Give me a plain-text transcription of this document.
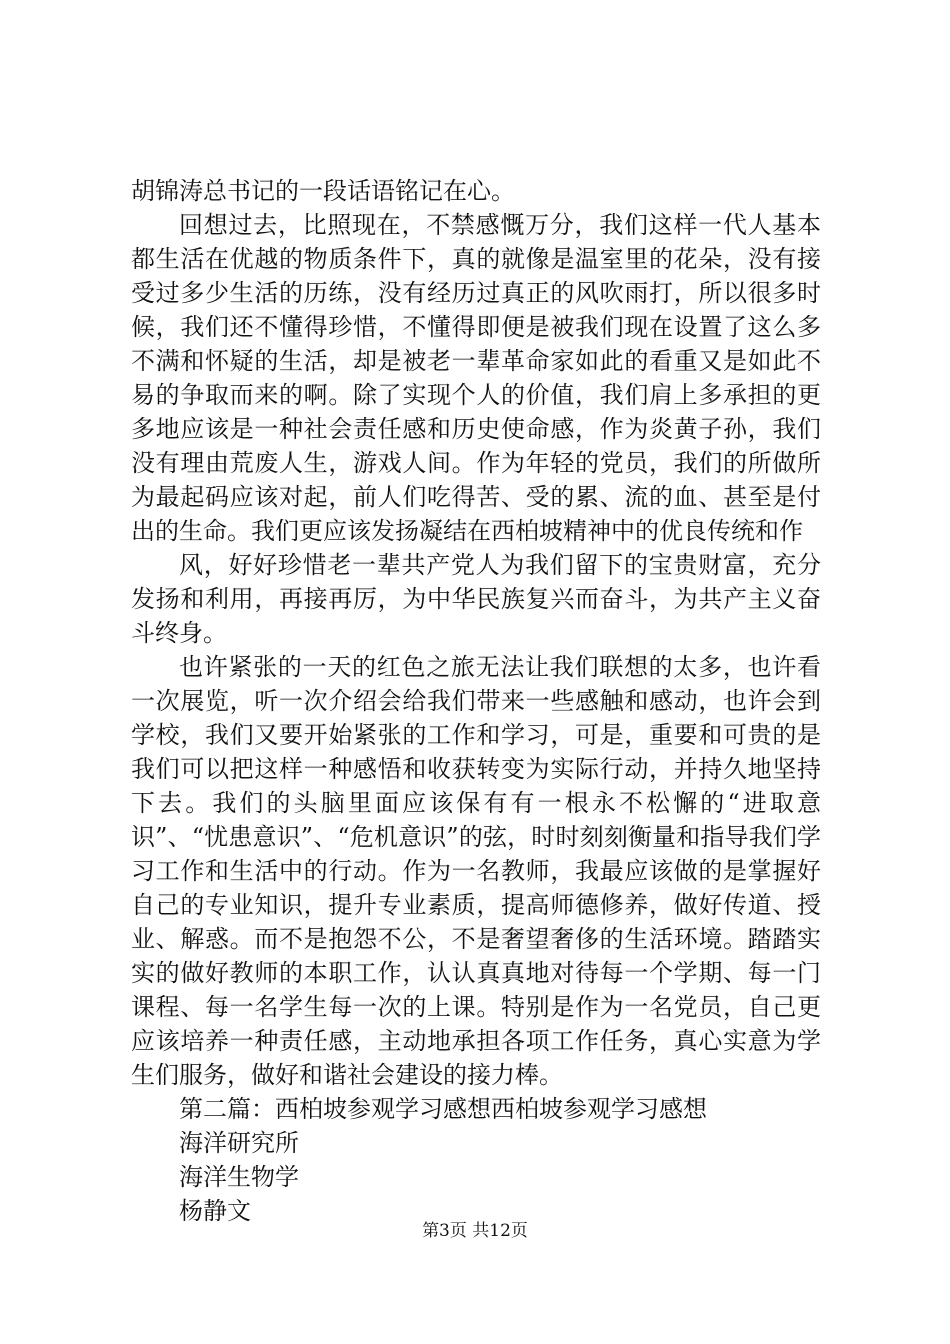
胡锦涛总书记的一段话语铭记在心。

回想过去，比照现在，不禁感慨万分，我们这样一代人基本都生活在优越的物质条件下，真的就像是温室里的花朵，没有接受过多少生活的历练，没有经历过真正的风吹雨打，所以很多时候，我们还不懂得珍惜，不懂得即便是被我们现在设置了这么多不满和怀疑的生活，却是被老一辈革命家如此的看重又是如此不易的争取而来的啊。除了实现个人的价值，我们肩上多承担的更多地应该是一种社会责任感和历史使命感，作为炎黄子孙，我们没有理由荒废人生，游戏人间。作为年轻的党员，我们的所做所为最起码应该对起，前人们吃得苦、受的累、流的血、甚至是付出的生命。我们更应该发扬凝结在西柏坡精神中的优良传统和作

风，好好珍惜老一辈共产党人为我们留下的宝贵财富，充分发扬和利用，再接再厉，为中华民族复兴而奋斗，为共产主义奋斗终身。

也许紧张的一天的红色之旅无法让我们联想的太多，也许看一次展览，听一次介绍会给我们带来一些感触和感动，也许会到学校，我们又要开始紧张的工作和学习，可是，重要和可贵的是我们可以把这样一种感悟和收获转变为实际行动，并持久地坚持下去。我们的头脑里面应该保有有一根永不松懈的“进取意识”、“忧患意识”、“危机意识”的弦，时时刻刻衡量和指导我们学习工作和生活中的行动。作为一名教师，我最应该做的是掌握好自己的专业知识，提升专业素质，提高师德修养，做好传道、授业、解惑。而不是抱怨不公，不是奢望奢侈的生活环境。踏踏实实的做好教师的本职工作，认认真真地对待每一个学期、每一门课程、每一名学生每一次的上课。特别是作为一名党员，自己更应该培养一种责任感，主动地承担各项工作任务，真心实意为学生们服务，做好和谐社会建设的接力棒。

第二篇：西柏坡参观学习感想西柏坡参观学习感想

海洋研究所

海洋生物学

杨静文

第3页 共12页
